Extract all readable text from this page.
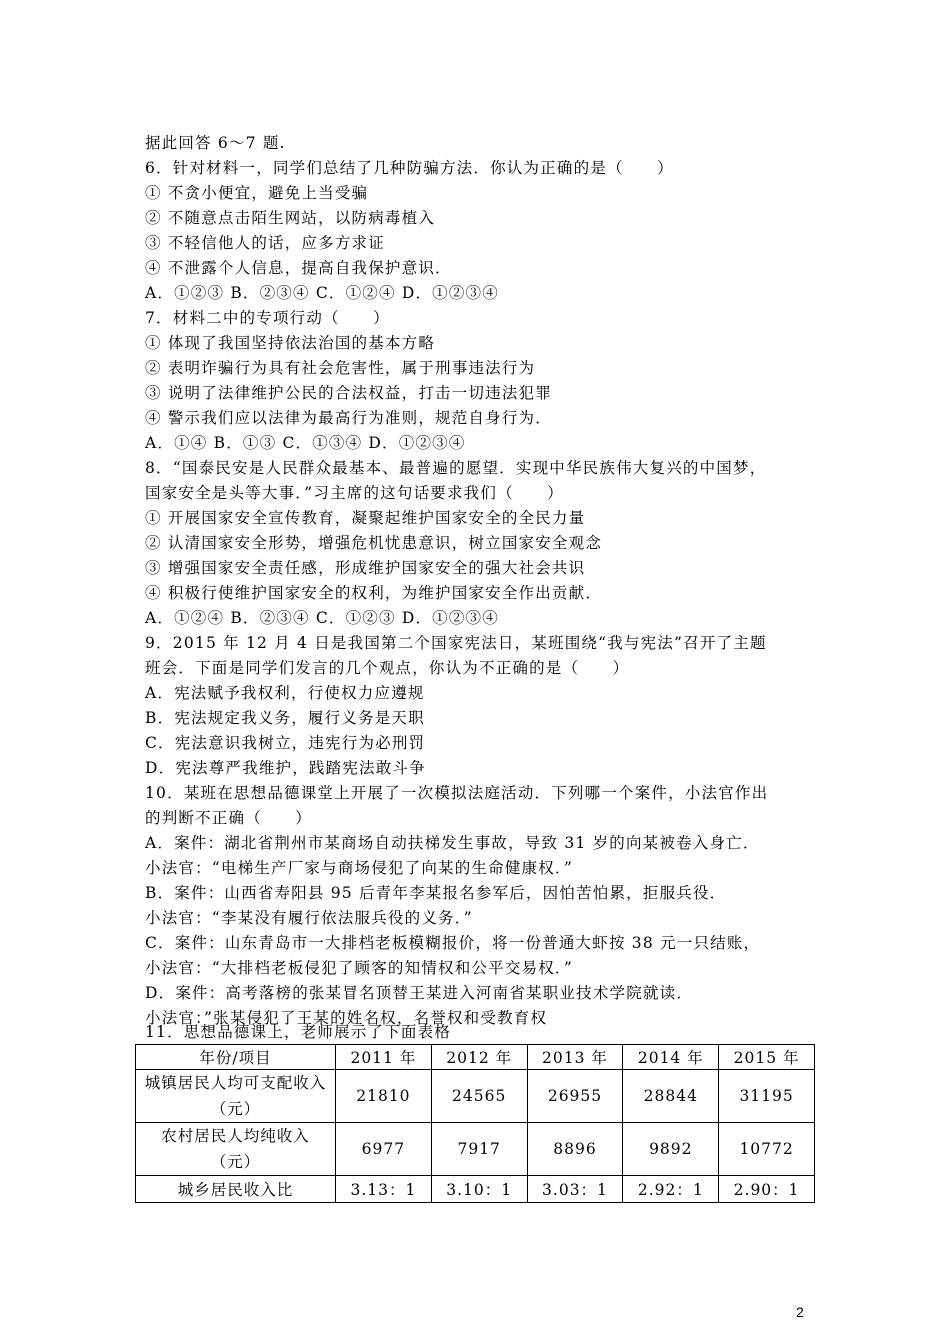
据此回答 6～7 题.
6．针对材料一，同学们总结了几种防骗方法．你认为正确的是（　　）
① 不贪小便宜，避免上当受骗
② 不随意点击陌生网站，以防病毒植入
③ 不轻信他人的话，应多方求证
④ 不泄露个人信息，提高自我保护意识．
A．①②③ B．②③④ C．①②④ D．①②③④
7．材料二中的专项行动（　　）
① 体现了我国坚持依法治国的基本方略
② 表明诈骗行为具有社会危害性，属于刑事违法行为
③ 说明了法律维护公民的合法权益，打击一切违法犯罪
④ 警示我们应以法律为最高行为准则，规范自身行为．
A．①④ B．①③ C．①③④ D．①②③④
8．“国泰民安是人民群众最基本、最普遍的愿望．实现中华民族伟大复兴的中国梦，
国家安全是头等大事．”习主席的这句话要求我们（　　）
① 开展国家安全宣传教育，凝聚起维护国家安全的全民力量
② 认清国家安全形势，增强危机忧患意识，树立国家安全观念
③ 增强国家安全责任感，形成维护国家安全的强大社会共识
④ 积极行使维护国家安全的权利，为维护国家安全作出贡献．
A．①②④ B．②③④ C．①②③ D．①②③④
9．2015 年 12 月 4 日是我国第二个国家宪法日，某班围绕“我与宪法”召开了主题
班会．下面是同学们发言的几个观点，你认为不正确的是（　　）
A．宪法赋予我权利，行使权力应遵规
B．宪法规定我义务，履行义务是天职
C．宪法意识我树立，违宪行为必刑罚
D．宪法尊严我维护，践踏宪法敢斗争
10．某班在思想品德课堂上开展了一次模拟法庭活动．下列哪一个案件，小法官作出
的判断不正确（　　）
A．案件：湖北省荆州市某商场自动扶梯发生事故，导致 31 岁的向某被卷入身亡．
小法官：“电梯生产厂家与商场侵犯了向某的生命健康权．”
B．案件：山西省寿阳县 95 后青年李某报名参军后，因怕苦怕累，拒服兵役．
小法官：“李某没有履行依法服兵役的义务．”
C．案件：山东青岛市一大排档老板模糊报价，将一份普通大虾按 38 元一只结账，
小法官：“大排档老板侵犯了顾客的知情权和公平交易权．”
D．案件：高考落榜的张某冒名顶替王某进入河南省某职业技术学院就读．
小法官：”张某侵犯了王某的姓名权，名誉权和受教育权
11．思想品德课上，老师展示了下面表格
年份/项目	2011 年	2012 年	2013 年	2014 年	2015 年
城镇居民人均可支配收入（元）	21810	24565	26955	28844	31195
农村居民人均纯收入（元）	6977	7917	8896	9892	10772
城乡居民收入比	3.13：1	3.10：1	3.03：1	2.92：1	2.90：1
2
